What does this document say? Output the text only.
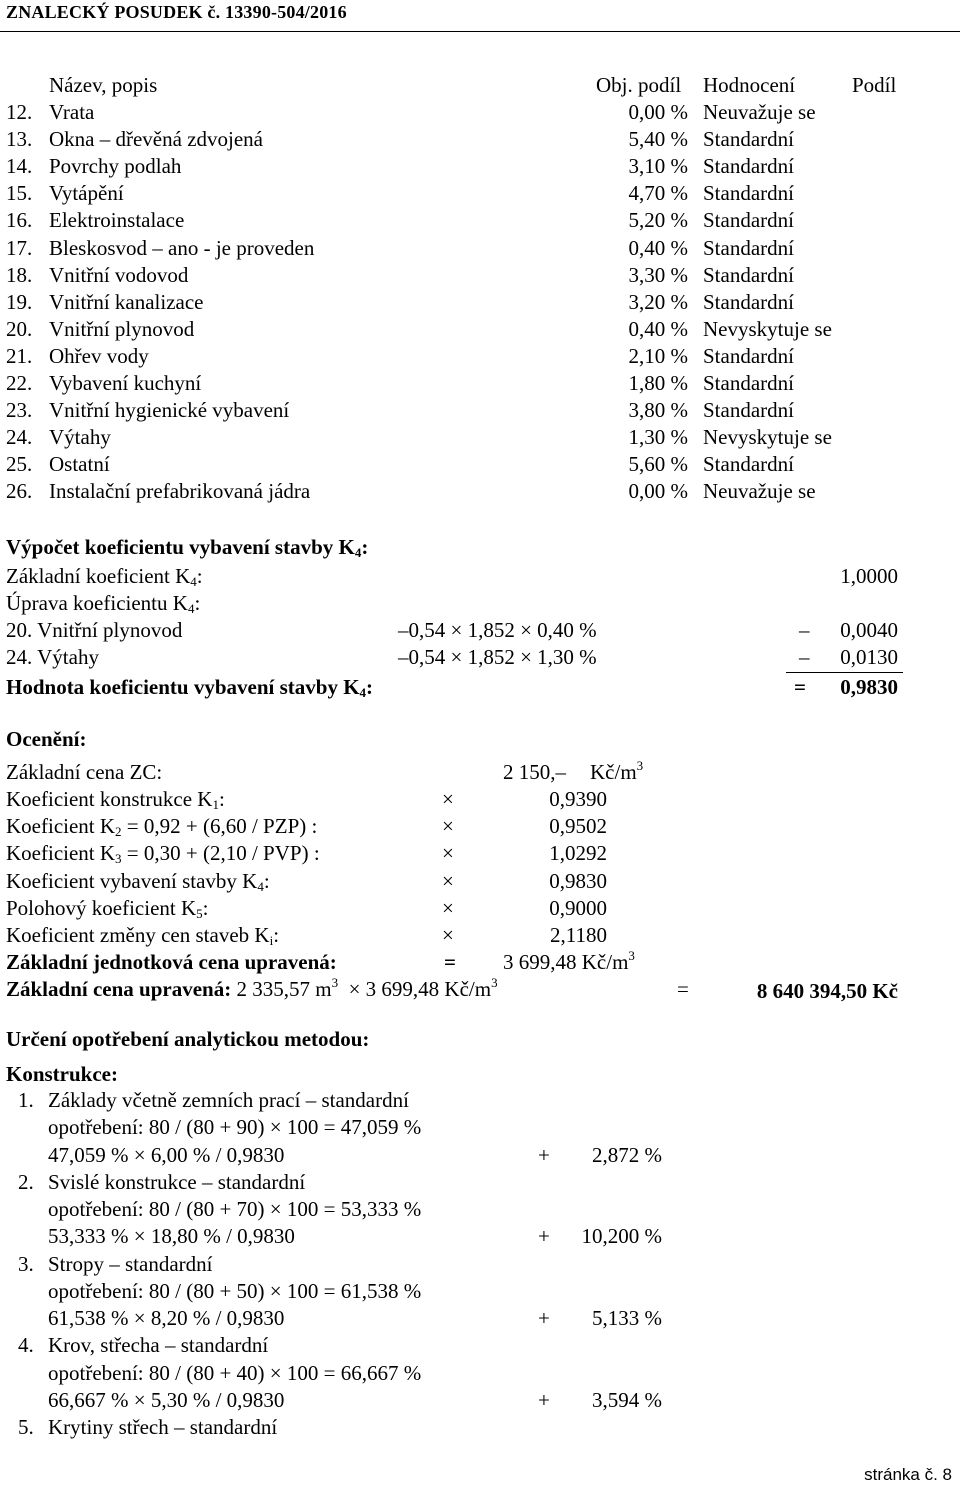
ZNALECKÝ POSUDEK č. 13390-504/2016
Název, popis	Obj. podíl Hodnocení	Podíl
12. Vrata	0,00 % Neuvažuje se
13. Okna – dřevěná zdvojená	5,40 % Standardní
14. Povrchy podlah	3,10 % Standardní
15. Vytápění	4,70 % Standardní
16. Elektroinstalace	5,20 % Standardní
17. Bleskosvod – ano - je proveden	0,40 % Standardní
18. Vnitřní vodovod	3,30 % Standardní
19. Vnitřní kanalizace	3,20 % Standardní
20. Vnitřní plynovod	0,40 % Nevyskytuje se
21. Ohřev vody	2,10 % Standardní
22. Vybavení kuchyní	1,80 % Standardní
23. Vnitřní hygienické vybavení	3,80 % Standardní
24. Výtahy	1,30 % Nevyskytuje se
25. Ostatní	5,60 % Standardní
26. Instalační prefabrikovaná jádra	0,00 % Neuvažuje se
Výpočet koeficientu vybavení stavby $K_4$:
Základní koeficient $K_4$:	1,0000
Úprava koeficientu $K_4$:
20. Vnitřní plynovod	–0,54 × 1,852 × 0,40 %	– 0,0040
24. Výtahy	–0,54 × 1,852 × 1,30 %	– 0,0130
Hodnota koeficientu vybavení stavby $K_4$:	= 0,9830
Ocenění:
Základní cena ZC:	2 150,– $Kč/m^3$
Koeficient konstrukce $K_1$:	×	0,9390
Koeficient $K_2 = 0,92 + (6,60 / PZP)$ :	×	0,9502
Koeficient $K_3 = 0,30 + (2,10 / PVP)$ :	×	1,0292
Koeficient vybavení stavby $K_4$:	×	0,9830
Polohový koeficient $K_5$:	×	0,9000
Koeficient změny cen staveb $K_i$:	×	2,1180
Základní jednotková cena upravená:	= 3 699,48 $Kč/m^3$
Základní cena upravená: 2 335,57 $m^3 \times 3$ 699,48 $Kč/m^3$	=	8 640 394,50 Kč
Určení opotřebení analytickou metodou:
Konstrukce:
1. Základy včetně zemních prací – standardní
opotřebení: 80 / (80 + 90) × 100 = 47,059 %
47,059 % × 6,00 % / 0,9830	+ 2,872 %
2. Svislé konstrukce – standardní
opotřebení: 80 / (80 + 70) × 100 = 53,333 %
53,333 % × 18,80 % / 0,9830	+ 10,200 %
3. Stropy – standardní
opotřebení: 80 / (80 + 50) × 100 = 61,538 %
61,538 % × 8,20 % / 0,9830	+ 5,133 %
4. Krov, střecha – standardní
opotřebení: 80 / (80 + 40) × 100 = 66,667 %
66,667 % × 5,30 % / 0,9830	+ 3,594 %
5. Krytiny střech – standardní
stránka č. 8
